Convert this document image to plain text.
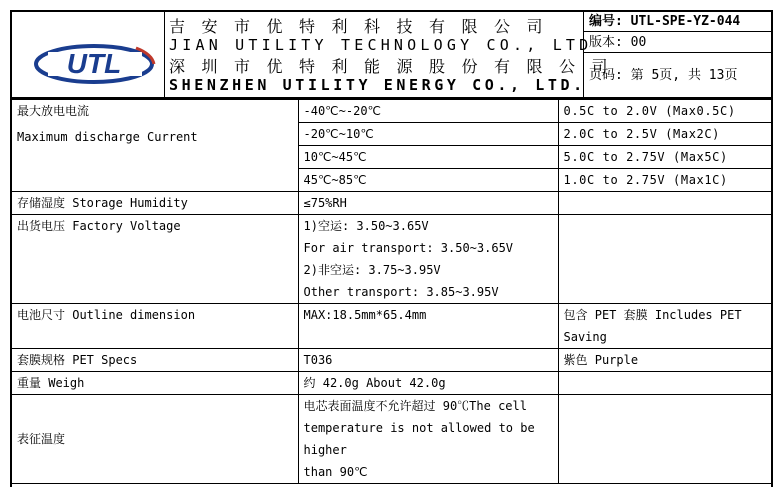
UTL
吉安市优特利科技有限公司
JIAN UTILITY TECHNOLOGY CO., LTD
深圳市优特利能源股份有限公司
SHENZHEN UTILITY ENERGY CO., LTD.
编号: UTL-SPE-YZ-044
版本: 00
页码: 第 5页, 共 13页
最大放电电流
Maximum discharge Current	-40℃~-20℃	0.5C to 2.0V (Max0.5C)
	-20℃~10℃	2.0C to 2.5V (Max2C)
	10℃~45℃	5.0C to 2.75V (Max5C)
	45℃~85℃	1.0C to 2.75V (Max1C)
存储湿度 Storage Humidity	≤75%RH	
出货电压 Factory Voltage	1)空运: 3.50~3.65V
For air transport: 3.50~3.65V
2)非空运: 3.75~3.95V
Other transport: 3.85~3.95V	

电池尺寸 Outline dimension	MAX:18.5mm*65.4mm	包含 PET 套膜 Includes PET Saving
套膜规格 PET Specs	T036	紫色 Purple
重量 Weigh	约 42.0g About 42.0g	
表征温度	电芯表面温度不允许超过 90℃The cell
temperature is not allowed to be higher
than 90℃	
